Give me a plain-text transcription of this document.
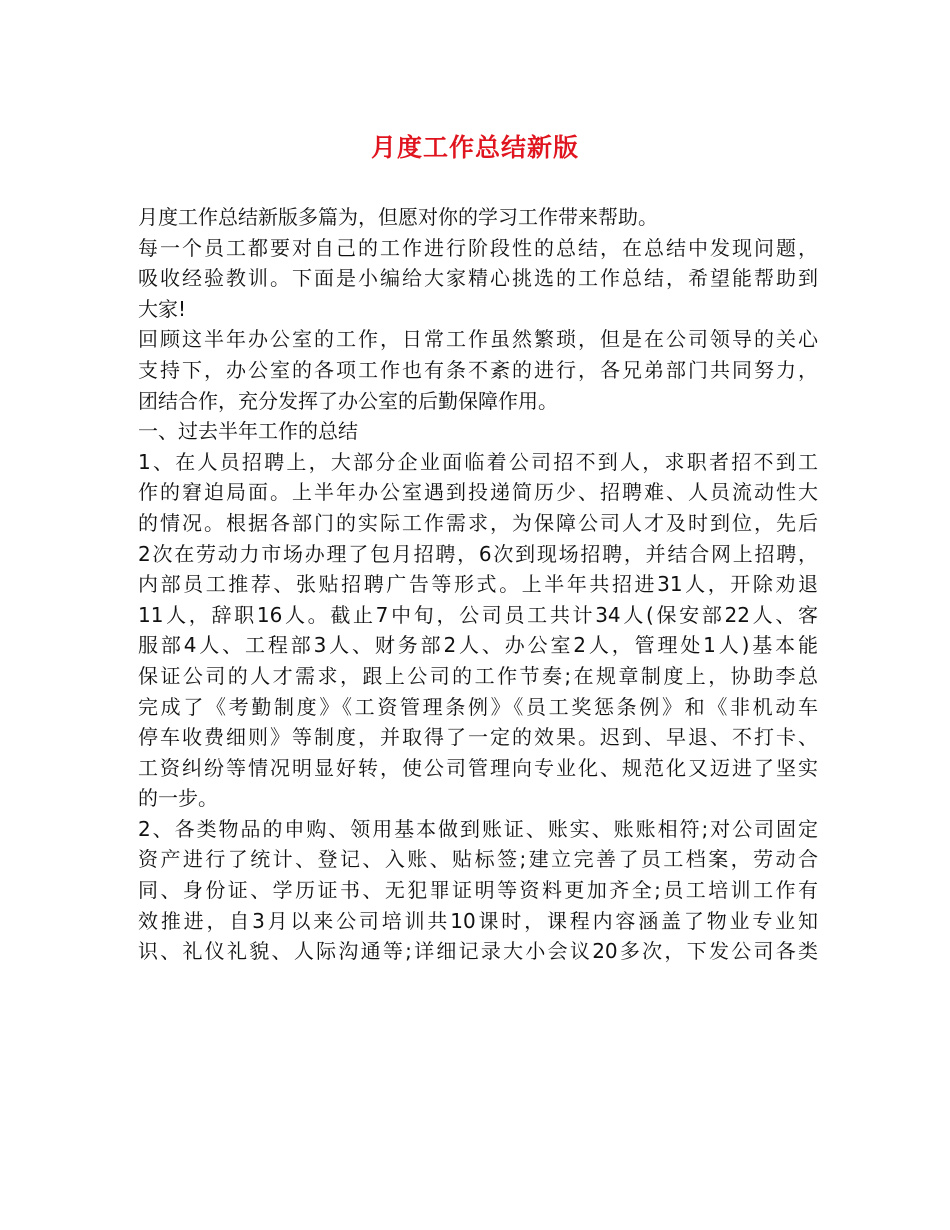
月度工作总结新版
月度工作总结新版多篇为，但愿对你的学习工作带来帮助。
每一个员工都要对自己的工作进行阶段性的总结，在总结中发现问题，
吸收经验教训。下面是小编给大家精心挑选的工作总结，希望能帮助到
大家!
回顾这半年办公室的工作，日常工作虽然繁琐，但是在公司领导的关心
支持下，办公室的各项工作也有条不紊的进行，各兄弟部门共同努力，
团结合作，充分发挥了办公室的后勤保障作用。
一、过去半年工作的总结
1、在人员招聘上，大部分企业面临着公司招不到人，求职者招不到工
作的窘迫局面。上半年办公室遇到投递简历少、招聘难、人员流动性大
的情况。根据各部门的实际工作需求，为保障公司人才及时到位，先后
2次在劳动力市场办理了包月招聘，6次到现场招聘，并结合网上招聘，
内部员工推荐、张贴招聘广告等形式。上半年共招进31人，开除劝退
11人，辞职16人。截止7中旬，公司员工共计34人(保安部22人、客
服部4人、工程部3人、财务部2人、办公室2人，管理处1人)基本能
保证公司的人才需求，跟上公司的工作节奏;在规章制度上，协助李总
完成了《考勤制度》《工资管理条例》《员工奖惩条例》和《非机动车
停车收费细则》等制度，并取得了一定的效果。迟到、早退、不打卡、
工资纠纷等情况明显好转，使公司管理向专业化、规范化又迈进了坚实
的一步。
2、各类物品的申购、领用基本做到账证、账实、账账相符;对公司固定
资产进行了统计、登记、入账、贴标签;建立完善了员工档案，劳动合
同、身份证、学历证书、无犯罪证明等资料更加齐全;员工培训工作有
效推进，自3月以来公司培训共10课时，课程内容涵盖了物业专业知
识、礼仪礼貌、人际沟通等;详细记录大小会议20多次，下发公司各类
